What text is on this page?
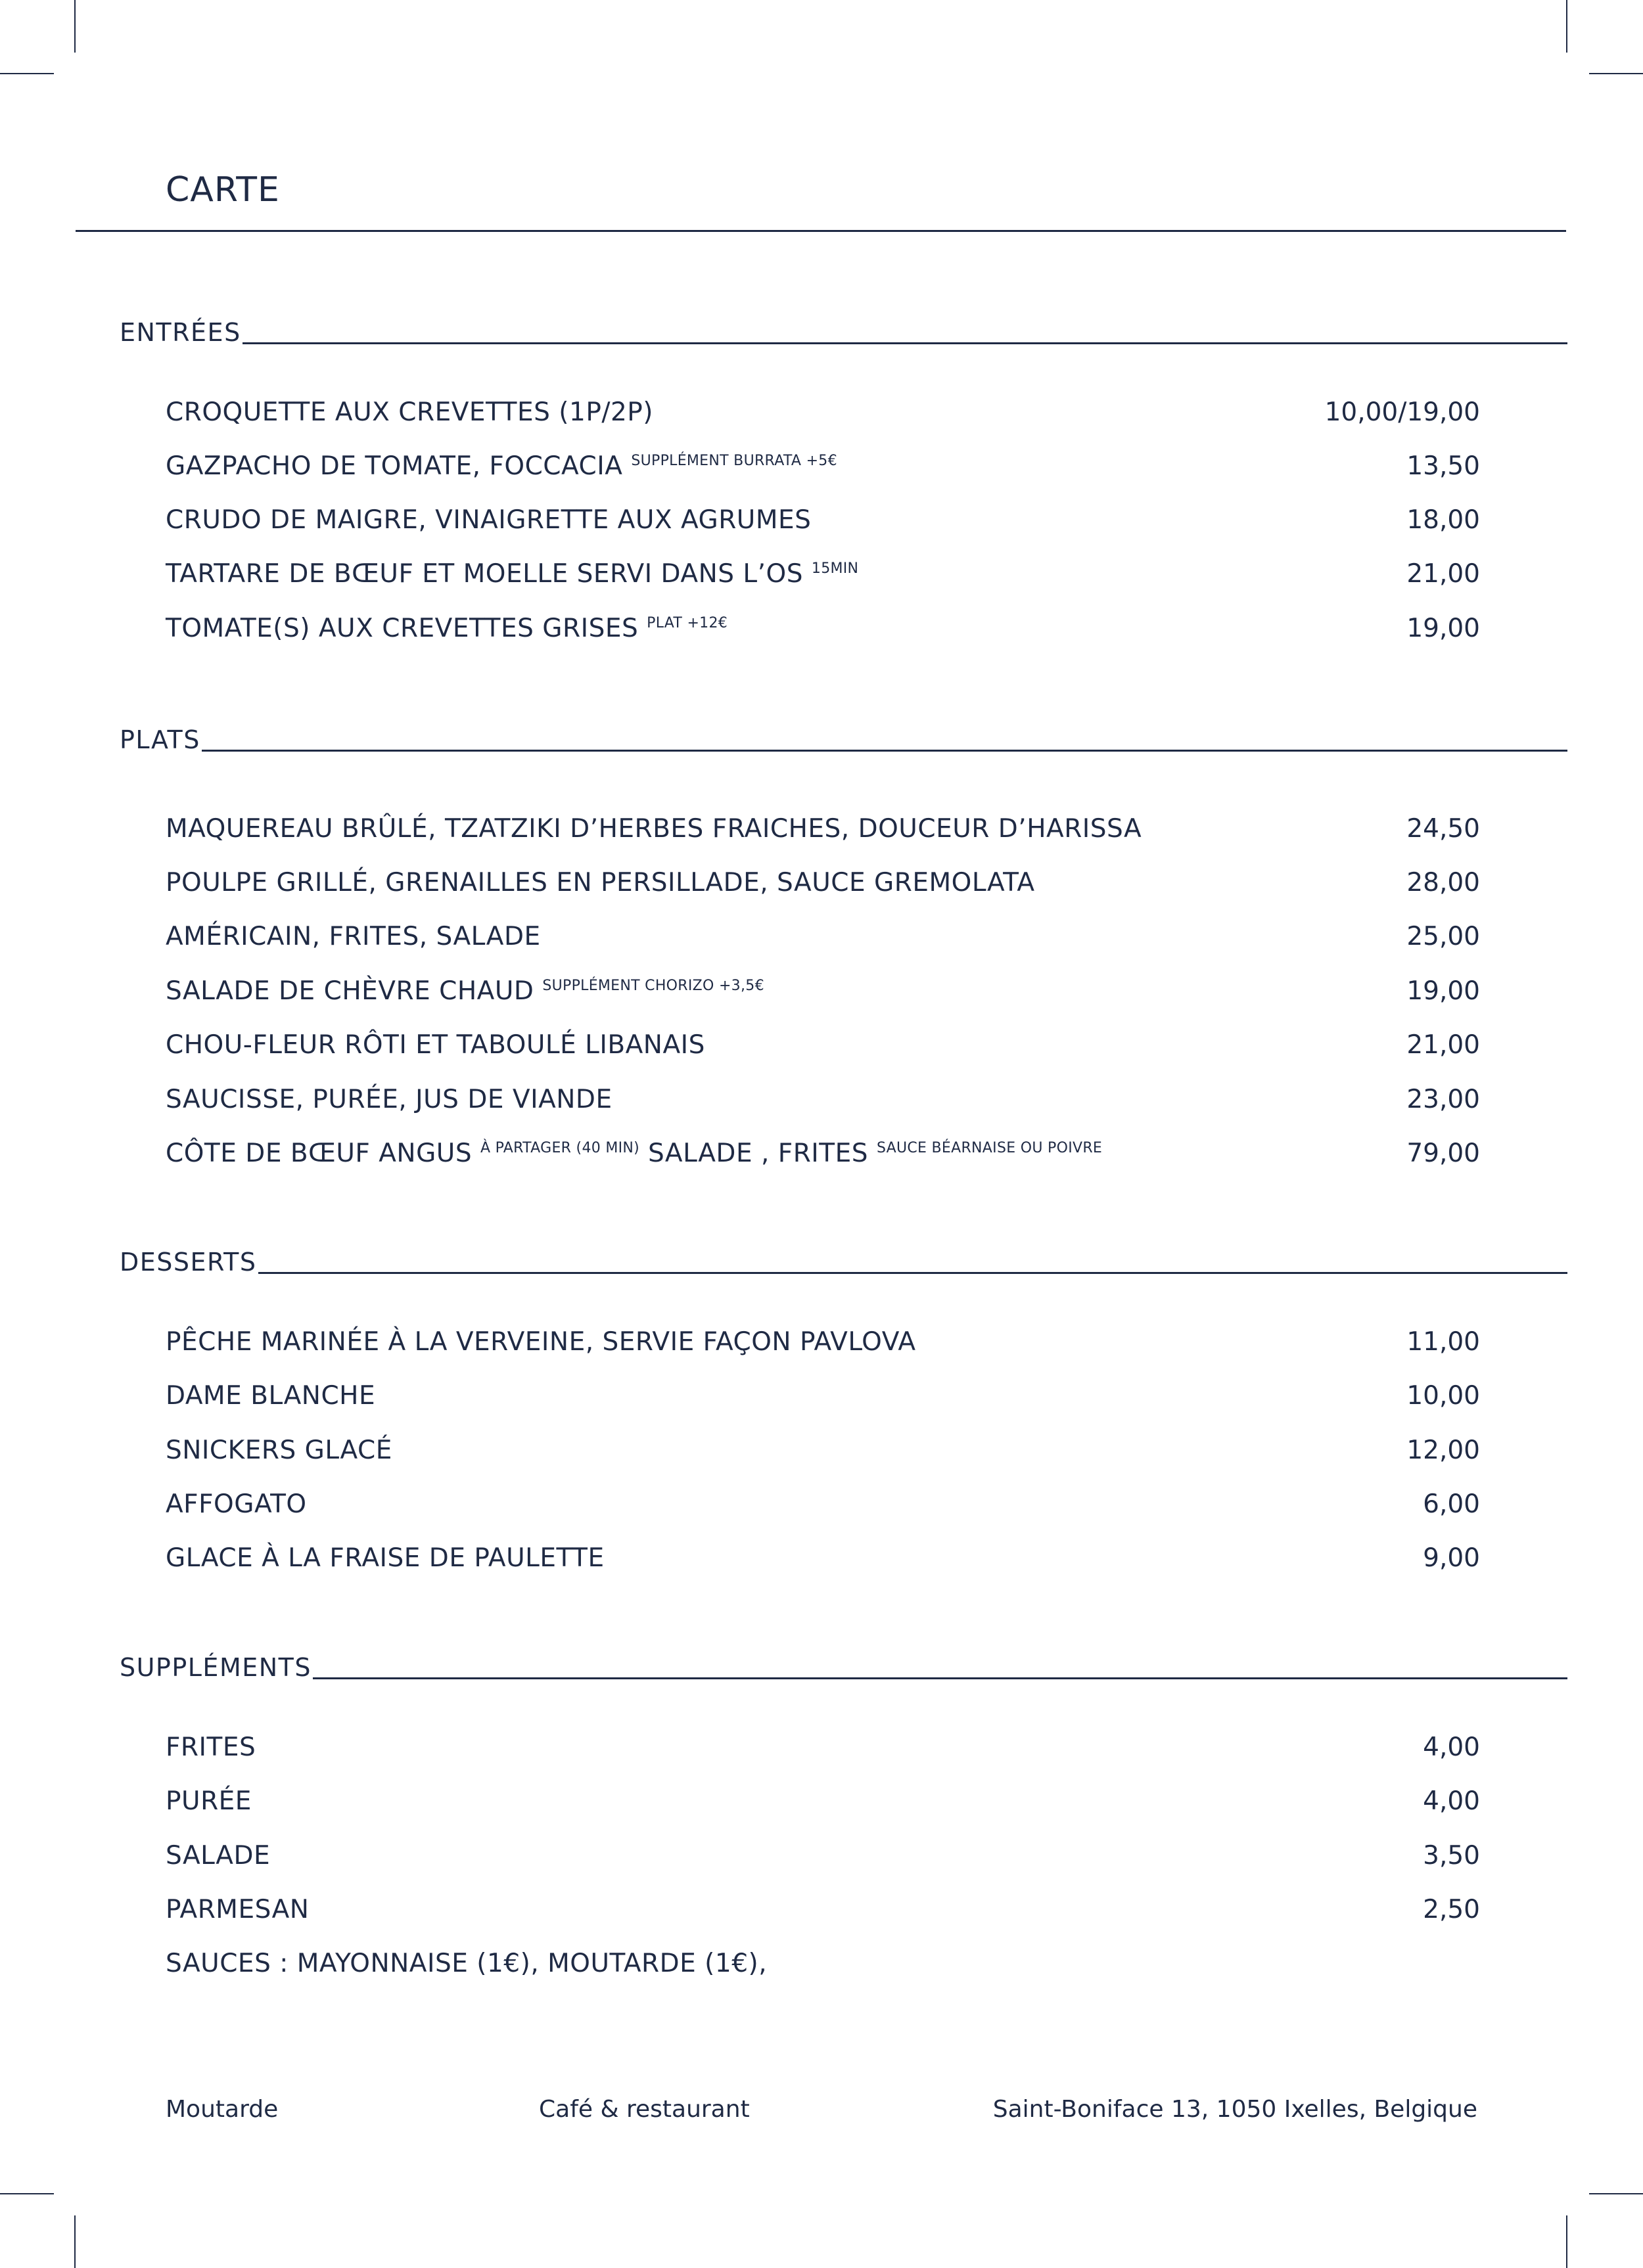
CARTE
ENTRÉES
CROQUETTE AUX CREVETTES (1P/2P)	10,00/19,00
GAZPACHO DE TOMATE, FOCCACIA $^{SUPPLÉMENT BURRATA +5€}$	13,50
CRUDO DE MAIGRE, VINAIGRETTE AUX AGRUMES	18,00
TARTARE DE BŒUF ET MOELLE SERVI DANS L’OS $^{15MIN}$	21,00
TOMATE(S) AUX CREVETTES GRISES $^{PLAT +12€}$	19,00
PLATS
MAQUEREAU BRÛLÉ, TZATZIKI D’HERBES FRAICHES, DOUCEUR D’HARISSA	24,50
POULPE GRILLÉ, GRENAILLES EN PERSILLADE, SAUCE GREMOLATA	28,00
AMÉRICAIN, FRITES, SALADE	25,00
SALADE DE CHÈVRE CHAUD $^{SUPPLÉMENT CHORIZO +3,5€}$	19,00
CHOU-FLEUR RÔTI ET TABOULÉ LIBANAIS	21,00
SAUCISSE, PURÉE, JUS DE VIANDE	23,00
CÔTE DE BŒUF ANGUS $^{À PARTAGER (40 MIN)}$ SALADE , FRITES $^{SAUCE BÉARNAISE OU POIVRE}$	79,00
DESSERTS
PÊCHE MARINÉE À LA VERVEINE, SERVIE FAÇON PAVLOVA	11,00
DAME BLANCHE	10,00
SNICKERS GLACÉ	12,00
AFFOGATO	6,00
GLACE À LA FRAISE DE PAULETTE	9,00
SUPPLÉMENTS
FRITES	4,00
PURÉE	4,00
SALADE	3,50
PARMESAN	2,50
SAUCES : MAYONNAISE (1€), MOUTARDE (1€),
Moutarde	Café & restaurant	Saint-Boniface 13, 1050 Ixelles, Belgique
